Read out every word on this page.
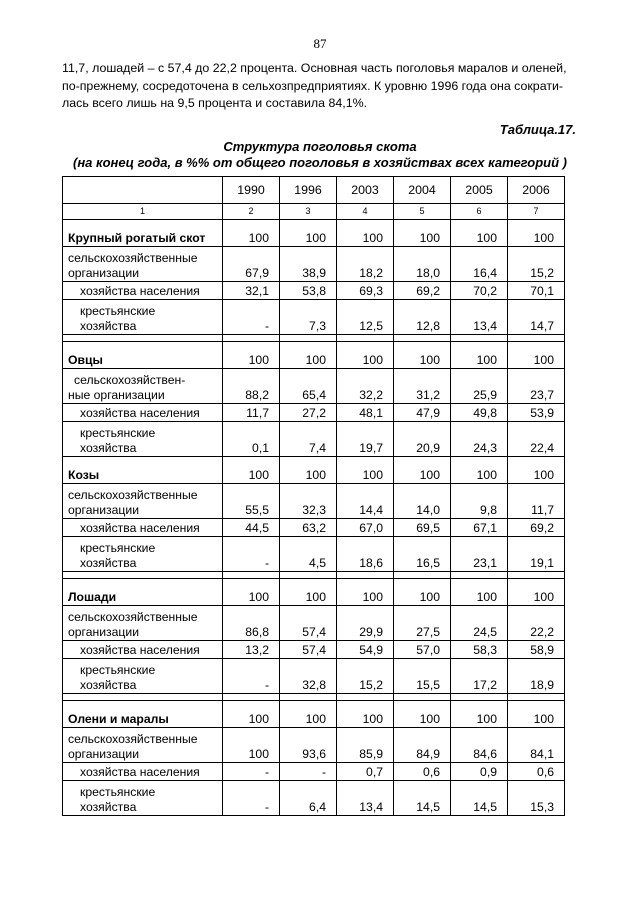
87

11,7, лошадей – с 57,4 до 22,2 процента. Основная часть поголовья маралов и оленей,

по-прежнему, сосредоточена в сельхозпредприятиях. К уровню 1996 года она сократи-

лась всего лишь на 9,5 процента и составила 84,1%.

Таблица.17.
Структура поголовья скота
(на конец года, в %% от общего поголовья в хозяйствах всех категорий )
	1990	1996	2003	2004	2005	2006
1	2	3	4	5	6	7
Крупный рогатый скот	100	100	100	100	100	100

сельскохозяйственные
организации	67,9	38,9	18,2	18,0	16,4	15,2

хозяйства населения	32,1	53,8	69,3	69,2	70,2	70,1

крестьянские
хозяйства	-	7,3	12,5	12,8	13,4	14,7

Овцы	100	100	100	100	100	100

сельскохозяйствен-
ные организации	88,2	65,4	32,2	31,2	25,9	23,7

хозяйства населения	11,7	27,2	48,1	47,9	49,8	53,9

крестьянские
хозяйства	0,1	7,4	19,7	20,9	24,3	22,4
Козы	100	100	100	100	100	100

сельскохозяйственные
организации	55,5	32,3	14,4	14,0	9,8	11,7

хозяйства населения	44,5	63,2	67,0	69,5	67,1	69,2

крестьянские
хозяйства	-	4,5	18,6	16,5	23,1	19,1

Лошади	100	100	100	100	100	100

сельскохозяйственные
организации	86,8	57,4	29,9	27,5	24,5	22,2

хозяйства населения	13,2	57,4	54,9	57,0	58,3	58,9

крестьянские
хозяйства	-	32,8	15,2	15,5	17,2	18,9

Олени и маралы	100	100	100	100	100	100

сельскохозяйственные
организации	100	93,6	85,9	84,9	84,6	84,1

хозяйства населения	-	-	0,7	0,6	0,9	0,6

крестьянские
хозяйства	-	6,4	13,4	14,5	14,5	15,3
